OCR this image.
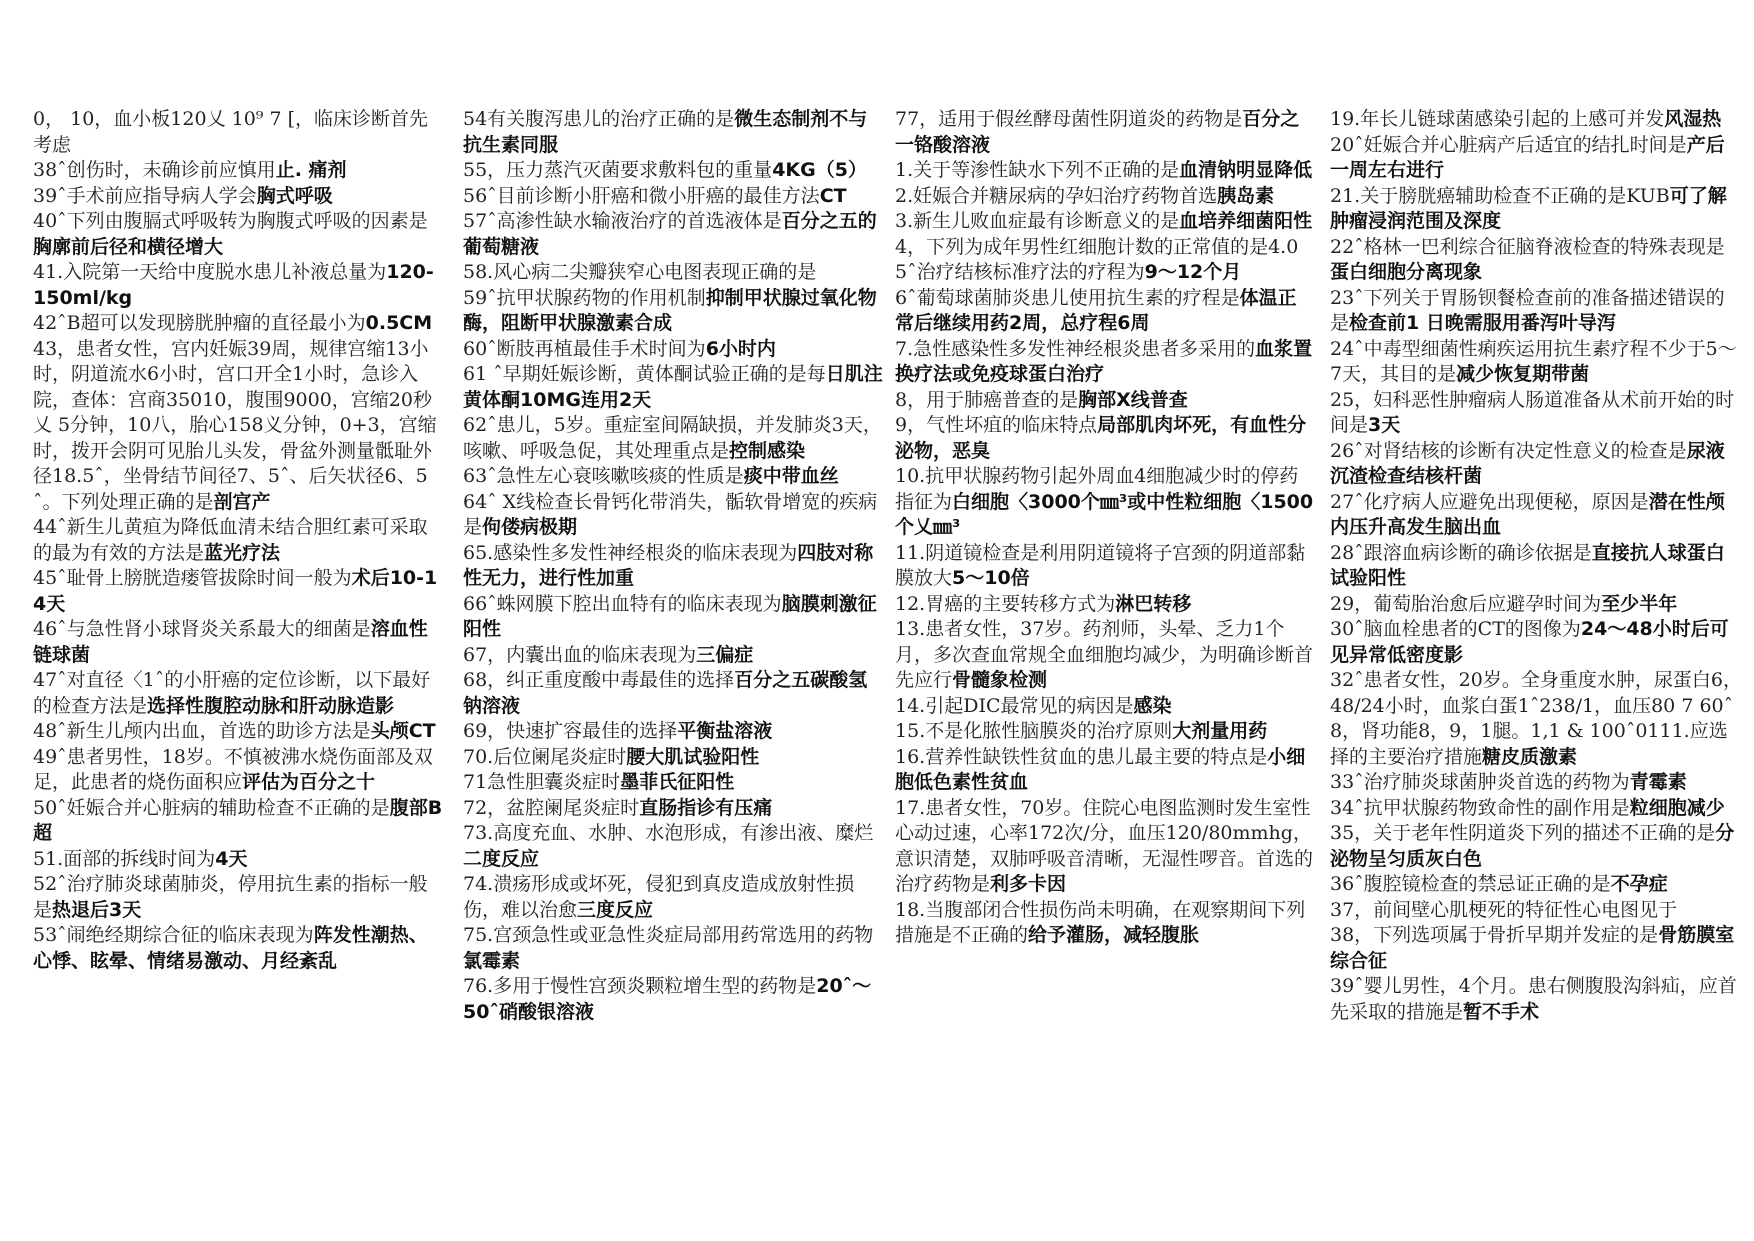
0， 10，血小板120乂 10⁹ 7 [，临床诊断首先考虑

38ˆ创伤时，未确诊前应慎用止. 痛剂

39ˆ手术前应指导病人学会胸式呼吸

40ˆ下列由腹膈式呼吸转为胸腹式呼吸的因素是胸廓前后径和横径增大

41.入院第一天给中度脱水患儿补液总量为120-150ml/kg

42ˆB超可以发现膀胱肿瘤的直径最小为0.5CM

43，患者女性，宫内妊娠39周，规律宫缩13小时，阴道流水6小时，宫口开全1小时，急诊入院，查体：宫商35010，腹围9000，宫缩20秒乂 5分钟，10八，胎心158义分钟，0+3，宫缩时，拨开会阴可见胎儿头发，骨盆外测量骶耻外径18.5ˆ，坐骨结节间径7、5ˆ、后矢状径6、5ˆ。下列处理正确的是剖宫产

44ˆ新生儿黄疸为降低血清未结合胆红素可采取的最为有效的方法是蓝光疗法

45ˆ耻骨上膀胱造瘘管拔除时间一般为术后10-14天

46ˆ与急性肾小球肾炎关系最大的细菌是溶血性链球菌

47ˆ对直径〈1ˆ的小肝癌的定位诊断，以下最好的检查方法是选择性腹腔动脉和肝动脉造影

48ˆ新生儿颅内出血，首选的助诊方法是头颅CT

49ˆ患者男性，18岁。不慎被沸水烧伤面部及双足，此患者的烧伤面积应评估为百分之十

50ˆ妊娠合并心脏病的辅助检查不正确的是腹部B超

51.面部的拆线时间为4天

52ˆ治疗肺炎球菌肺炎，停用抗生素的指标一般是热退后3天

53ˆ闹绝经期综合征的临床表现为阵发性潮热、心悸、眩晕、情绪易激动、月经紊乱

54有关腹泻患儿的治疗正确的是微生态制剂不与抗生素同服

55，压力蒸汽灭菌要求敷料包的重量4KG（5）

56ˆ目前诊断小肝癌和微小肝癌的最佳方法CT

57ˆ高渗性缺水输液治疗的首选液体是百分之五的葡萄糖液

58.风心病二尖瓣狭窄心电图表现正确的是

59ˆ抗甲状腺药物的作用机制抑制甲状腺过氧化物酶，阻断甲状腺激素合成

60ˆ断肢再植最佳手术时间为6小时内

61 ˆ早期妊娠诊断，黄体酮试验正确的是每日肌注黄体酮10MG连用2天

62ˆ患儿，5岁。重症室间隔缺损，并发肺炎3天，咳嗽、呼吸急促，其处理重点是控制感染

63ˆ急性左心衰咳嗽咳痰的性质是痰中带血丝

64ˆ X线检查长骨钙化带消失，骺软骨增宽的疾病是佝偻病极期

65.感染性多发性神经根炎的临床表现为四肢对称性无力，进行性加重

66ˆ蛛网膜下腔出血特有的临床表现为脑膜刺激征阳性

67，内囊出血的临床表现为三偏症

68，纠正重度酸中毒最佳的选择百分之五碳酸氢钠溶液

69，快速扩容最佳的选择平衡盐溶液

70.后位阑尾炎症时腰大肌试验阳性

71急性胆囊炎症时墨菲氏征阳性

72，盆腔阑尾炎症时直肠指诊有压痛

73.高度充血、水肿、水泡形成，有渗出液、糜烂二度反应

74.溃疡形成或坏死，侵犯到真皮造成放射性损伤，难以治愈三度反应

75.宫颈急性或亚急性炎症局部用药常选用的药物氯霉素

76.多用于慢性宫颈炎颗粒增生型的药物是20ˆ〜50ˆ硝酸银溶液

77，适用于假丝酵母菌性阴道炎的药物是百分之一铬酸溶液

1.关于等渗性缺水下列不正确的是血清钠明显降低

2.妊娠合并糖尿病的孕妇治疗药物首选胰岛素

3.新生儿败血症最有诊断意义的是血培养细菌阳性

4，下列为成年男性红细胞计数的正常值的是4.0

5ˆ治疗结核标准疗法的疗程为9〜12个月

6ˆ葡萄球菌肺炎患儿使用抗生素的疗程是体温正常后继续用药2周，总疗程6周

7.急性感染性多发性神经根炎患者多采用的血浆置换疗法或免疫球蛋白治疗

8，用于肺癌普查的是胸部X线普查

9，气性坏疽的临床特点局部肌肉坏死，有血性分泌物，恶臭

10.抗甲状腺药物引起外周血4细胞减少时的停药指征为白细胞〈3000个㎜³或中性粒细胞〈1500个乂㎜³

11.阴道镜检查是利用阴道镜将子宫颈的阴道部黏膜放大5〜10倍

12.胃癌的主要转移方式为淋巴转移

13.患者女性，37岁。药剂师，头晕、乏力1个月，多次查血常规全血细胞均减少，为明确诊断首先应行骨髓象检测

14.引起DIC最常见的病因是感染

15.不是化脓性脑膜炎的治疗原则大剂量用药

16.营养性缺铁性贫血的患儿最主要的特点是小细胞低色素性贫血

17.患者女性，70岁。住院心电图监测时发生室性心动过速，心率172次/分，血压120/80mmhg， 意识清楚，双肺呼吸音清晰，无湿性啰音。首选的治疗药物是利多卡因

18.当腹部闭合性损伤尚未明确，在观察期间下列措施是不正确的给予灌肠，减轻腹胀

19.年长儿链球菌感染引起的上感可并发风湿热

20ˆ妊娠合并心脏病产后适宜的结扎时间是产后一周左右进行

21.关于膀胱癌辅助检查不正确的是KUB可了解肿瘤浸润范围及深度

22ˆ格林一巴利综合征脑脊液检查的特殊表现是蛋白细胞分离现象

23ˆ下列关于胃肠钡餐检查前的准备描述错误的是检查前1 日晚需服用番泻叶导泻

24ˆ中毒型细菌性痢疾运用抗生素疗程不少于5〜7天，其目的是减少恢复期带菌

25，妇科恶性肿瘤病人肠道准备从术前开始的时间是3天

26ˆ对肾结核的诊断有决定性意义的检查是尿液沉渣检查结核杆菌

27ˆ化疗病人应避免出现便秘，原因是潜在性颅内压升高发生脑出血

28ˆ跟溶血病诊断的确诊依据是直接抗人球蛋白试验阳性

29，葡萄胎治愈后应避孕时间为至少半年

30ˆ脑血栓患者的CT的图像为24〜48小时后可见异常低密度影

32ˆ患者女性，20岁。全身重度水肿，尿蛋白6，48/24小时，血浆白蛋1ˆ238/1，血压80 7 60ˆ 8，肾功能8，9，1腿。1,1 & 100ˆ0111.应选择的主要治疗措施糖皮质激素

33ˆ治疗肺炎球菌肿炎首选的药物为青霉素

34ˆ抗甲状腺药物致命性的副作用是粒细胞减少

35，关于老年性阴道炎下列的描述不正确的是分泌物呈匀质灰白色

36ˆ腹腔镜检查的禁忌证正确的是不孕症

37，前间壁心肌梗死的特征性心电图见于

38，下列选项属于骨折早期并发症的是骨筋膜室综合征

39ˆ婴儿男性，4个月。患右侧腹股沟斜疝，应首先采取的措施是暂不手术
